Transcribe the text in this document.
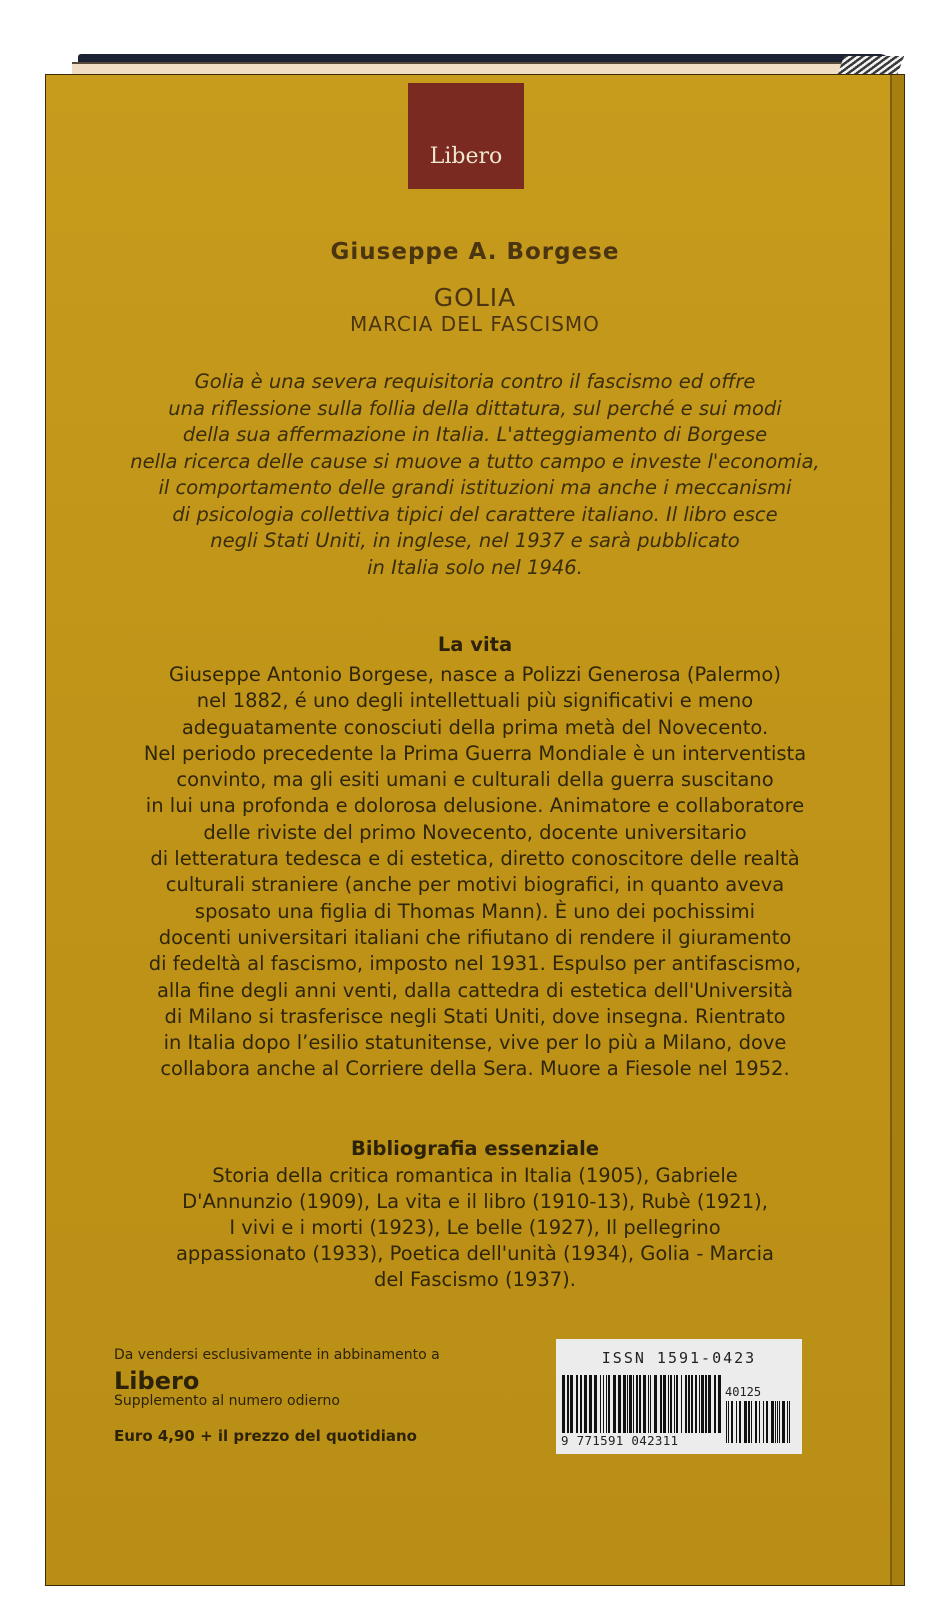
Libero
Giuseppe A. Borgese
GOLIA
MARCIA DEL FASCISMO
Golia è una severa requisitoria contro il fascismo ed offre
una riflessione sulla follia della dittatura, sul perché e sui modi
della sua affermazione in Italia. L'atteggiamento di Borgese
nella ricerca delle cause si muove a tutto campo e investe l'economia,
il comportamento delle grandi istituzioni ma anche i meccanismi
di psicologia collettiva tipici del carattere italiano. Il libro esce
negli Stati Uniti, in inglese, nel 1937 e sarà pubblicato
in Italia solo nel 1946.
La vita
Giuseppe Antonio Borgese, nasce a Polizzi Generosa (Palermo)
nel 1882, é uno degli intellettuali più significativi e meno
adeguatamente conosciuti della prima metà del Novecento.
Nel periodo precedente la Prima Guerra Mondiale è un interventista
convinto, ma gli esiti umani e culturali della guerra suscitano
in lui una profonda e dolorosa delusione. Animatore e collaboratore
delle riviste del primo Novecento, docente universitario
di letteratura tedesca e di estetica, diretto conoscitore delle realtà
culturali straniere (anche per motivi biografici, in quanto aveva
sposato una figlia di Thomas Mann). È uno dei pochissimi
docenti universitari italiani che rifiutano di rendere il giuramento
di fedeltà al fascismo, imposto nel 1931. Espulso per antifascismo,
alla fine degli anni venti, dalla cattedra di estetica dell'Università
di Milano si trasferisce negli Stati Uniti, dove insegna. Rientrato
in Italia dopo l’esilio statunitense, vive per lo più a Milano, dove
collabora anche al Corriere della Sera. Muore a Fiesole nel 1952.
Bibliografia essenziale
Storia della critica romantica in Italia (1905), Gabriele
D'Annunzio (1909), La vita e il libro (1910-13), Rubè (1921),
I vivi e i morti (1923), Le belle (1927), Il pellegrino
appassionato (1933), Poetica dell'unità (1934), Golia - Marcia
del Fascismo (1937).
Da vendersi esclusivamente in abbinamento a
Libero
Supplemento al numero odierno
Euro 4,90 + il prezzo del quotidiano
ISSN 1591-0423
40125
9 771591 042311
